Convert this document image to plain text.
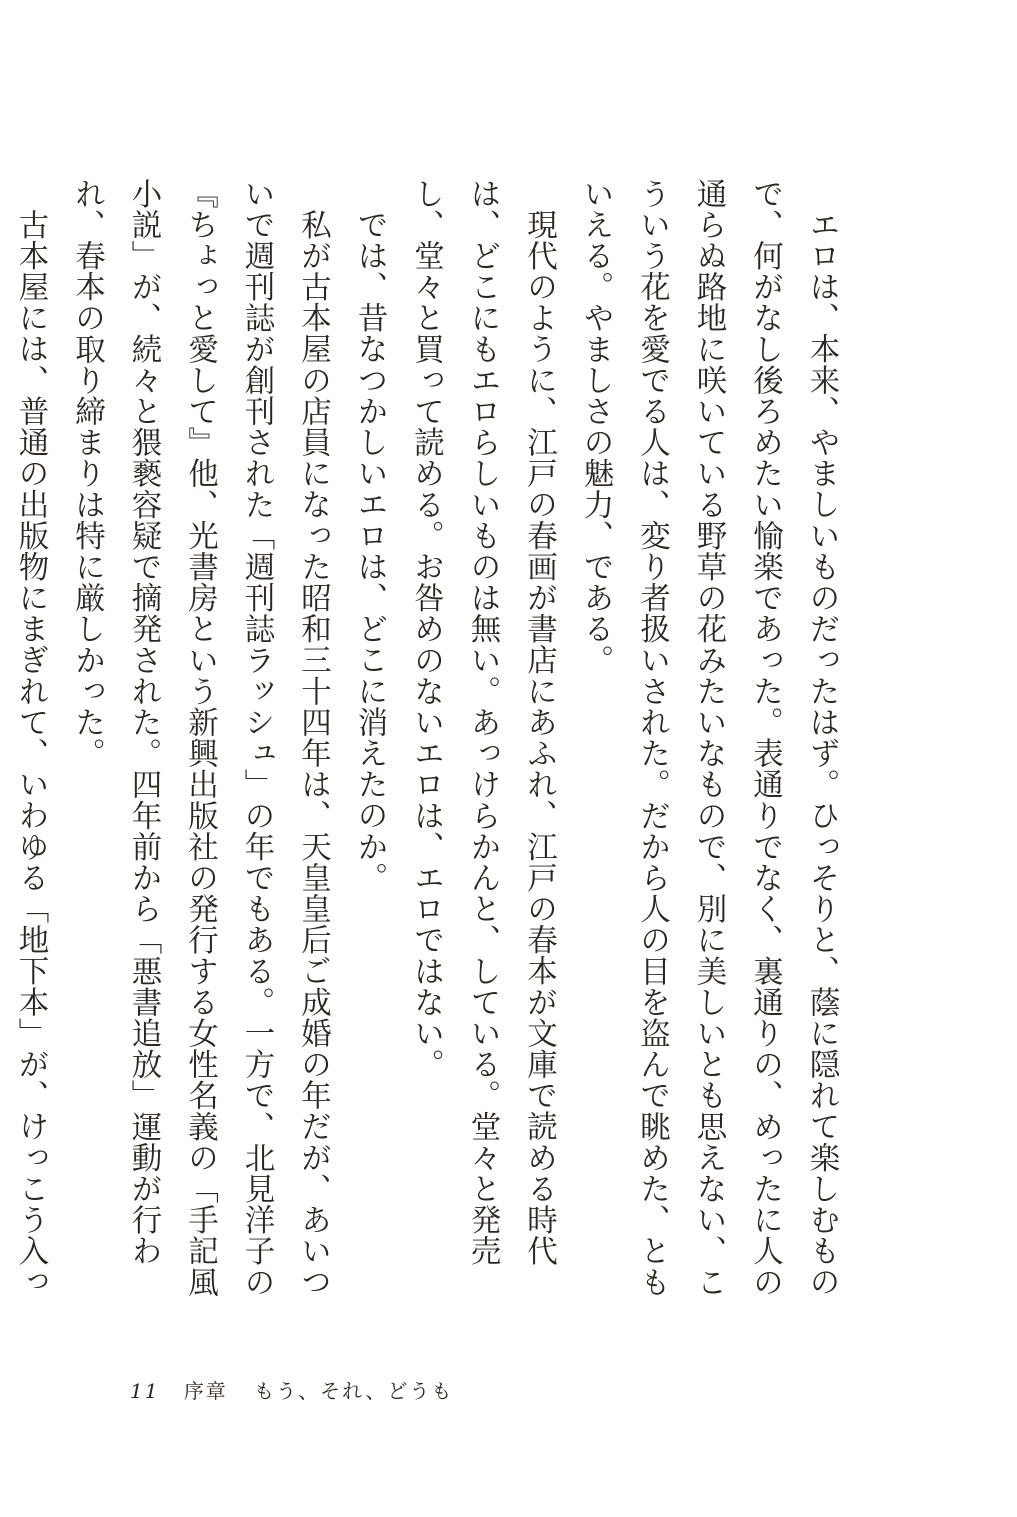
エロは、本来、やましいものだったはず。ひっそりと、蔭に隠れて楽しむもので、何がなし後ろめたい愉楽であった。表通りでなく、裏通りの、めったに人の通らぬ路地に咲いている野草の花みたいなもので、別に美しいとも思えない、こういう花を愛でる人は、変り者扱いされた。だから人の目を盗んで眺めた、ともいえる。やましさの魅力、である。

現代のように、江戸の春画が書店にあふれ、江戸の春本が文庫で読める時代は、どこにもエロらしいものは無い。あっけらかんと、している。堂々と発売し、堂々と買って読める。お咎めのないエロは、エロではない。

では、昔なつかしいエロは、どこに消えたのか。

私が古本屋の店員になった昭和三十四年は、天皇皇后ご成婚の年だが、あいついで週刊誌が創刊された「週刊誌ラッシュ」の年でもある。一方で、北見洋子の『ちょっと愛して』他、光書房という新興出版社の発行する女性名義の「手記風小説」が、続々と猥褻容疑で摘発された。四年前から「悪書追放」運動が行われ、春本の取り締まりは特に厳しかった。

古本屋には、普通の出版物にまぎれて、いわゆる「地下本」が、けっこう入っ

11 序章 もう、それ、どうも
